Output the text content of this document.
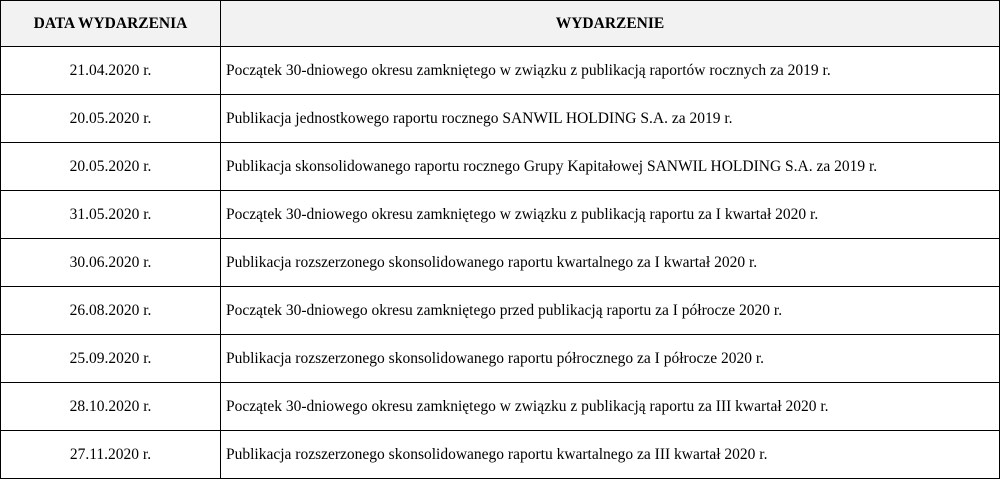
DATA WYDARZENIA	WYDARZENIE
21.04.2020 r.	Początek 30-dniowego okresu zamkniętego w związku z publikacją raportów rocznych za 2019 r.
20.05.2020 r.	Publikacja jednostkowego raportu rocznego SANWIL HOLDING S.A. za 2019 r.
20.05.2020 r.	Publikacja skonsolidowanego raportu rocznego Grupy Kapitałowej SANWIL HOLDING S.A. za 2019 r.
31.05.2020 r.	Początek 30-dniowego okresu zamkniętego w związku z publikacją raportu za I kwartał 2020 r.
30.06.2020 r.	Publikacja rozszerzonego skonsolidowanego raportu kwartalnego za I kwartał 2020 r.
26.08.2020 r.	Początek 30-dniowego okresu zamkniętego przed publikacją raportu za I półrocze 2020 r.
25.09.2020 r.	Publikacja rozszerzonego skonsolidowanego raportu półrocznego za I półrocze 2020 r.
28.10.2020 r.	Początek 30-dniowego okresu zamkniętego w związku z publikacją raportu za III kwartał 2020 r.
27.11.2020 r.	Publikacja rozszerzonego skonsolidowanego raportu kwartalnego za III kwartał 2020 r.
